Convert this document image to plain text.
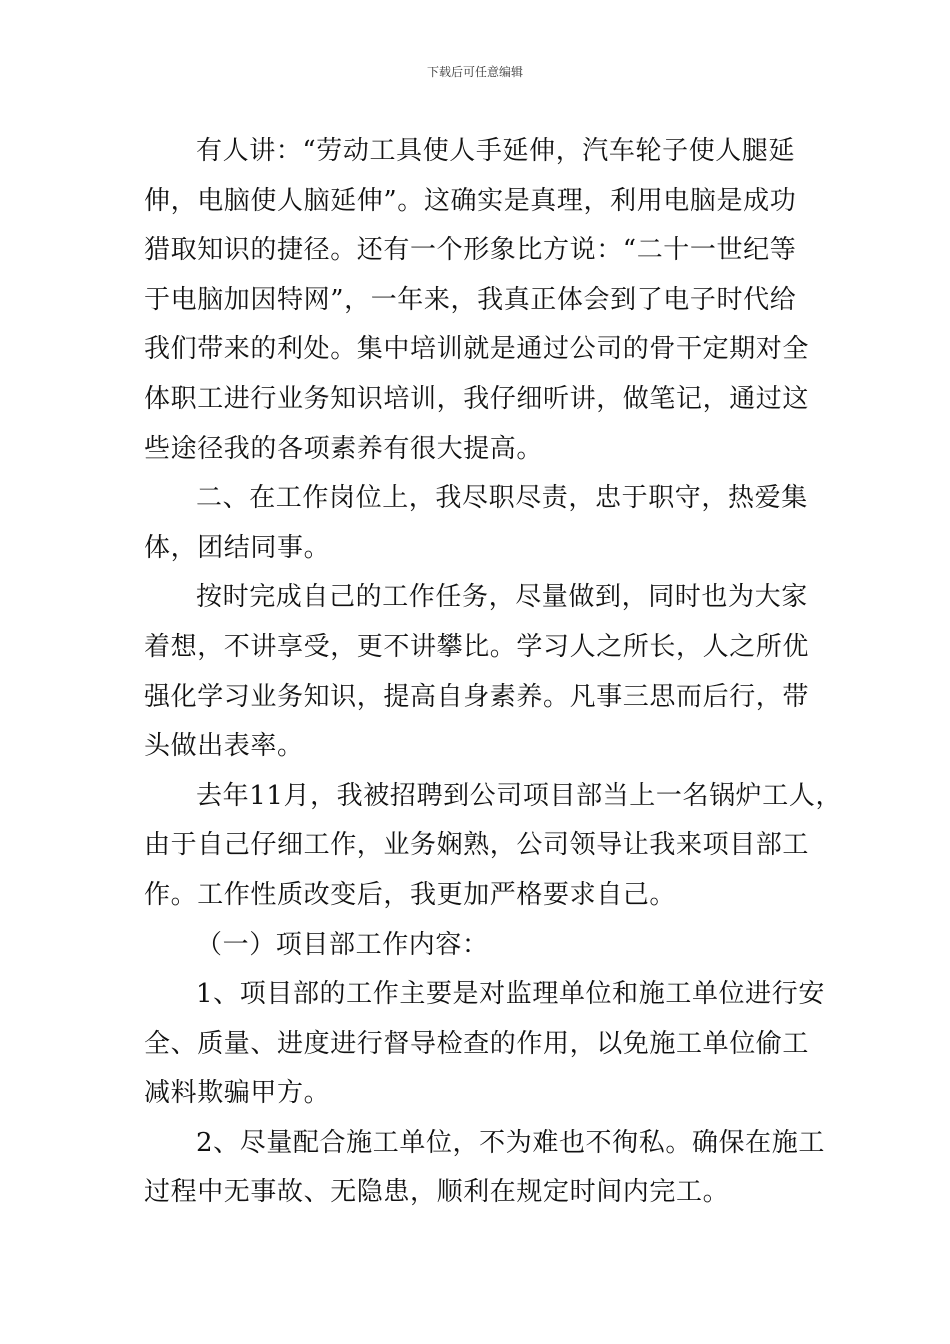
下载后可任意编辑

有人讲：“劳动工具使人手延伸，汽车轮子使人腿延
伸，电脑使人脑延伸”。这确实是真理，利用电脑是成功
猎取知识的捷径。还有一个形象比方说：“二十一世纪等
于电脑加因特网”，一年来，我真正体会到了电子时代给
我们带来的利处。集中培训就是通过公司的骨干定期对全
体职工进行业务知识培训，我仔细听讲，做笔记，通过这
些途径我的各项素养有很大提高。

二、在工作岗位上，我尽职尽责，忠于职守，热爱集
体，团结同事。

按时完成自己的工作任务，尽量做到，同时也为大家
着想，不讲享受，更不讲攀比。学习人之所长，人之所优
强化学习业务知识，提高自身素养。凡事三思而后行，带
头做出表率。

去年11月，我被招聘到公司项目部当上一名锅炉工人，
由于自己仔细工作，业务娴熟，公司领导让我来项目部工
作。工作性质改变后，我更加严格要求自己。

（一）项目部工作内容：

1、项目部的工作主要是对监理单位和施工单位进行安
全、质量、进度进行督导检查的作用，以免施工单位偷工
减料欺骗甲方。

2、尽量配合施工单位，不为难也不徇私。确保在施工
过程中无事故、无隐患，顺利在规定时间内完工。
